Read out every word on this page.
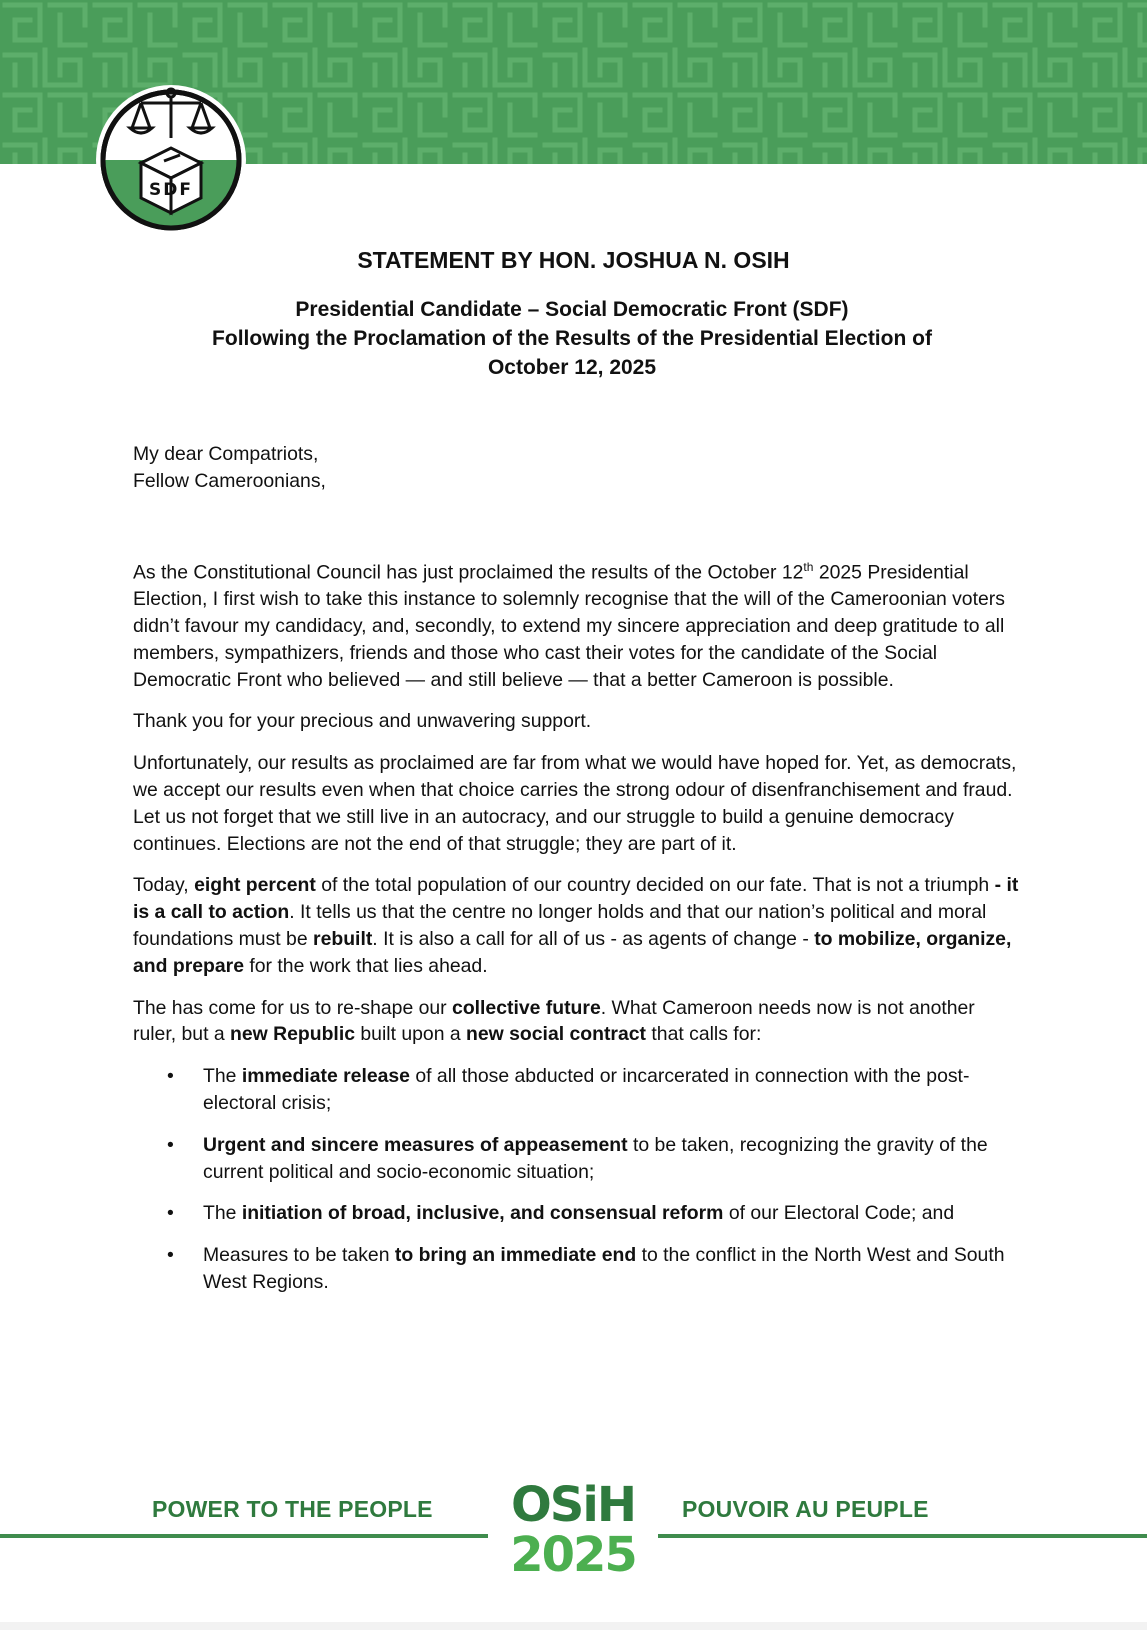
SDF
STATEMENT BY HON. JOSHUA N. OSIH
Presidential Candidate – Social Democratic Front (SDF)
Following the Proclamation of the Results of the Presidential Election of
October 12, 2025
My dear Compatriots,
Fellow Cameroonians,

As the Constitutional Council has just proclaimed the results of the October 12th 2025 Presidential Election, I first wish to take this instance to solemnly recognise that the will of the Cameroonian voters didn’t favour my candidacy, and, secondly, to extend my sincere appreciation and deep gratitude to all members, sympathizers, friends and those who cast their votes for the candidate of the Social Democratic Front who believed — and still believe — that a better Cameroon is possible.

Thank you for your precious and unwavering support.

Unfortunately, our results as proclaimed are far from what we would have hoped for. Yet, as democrats, we accept our results even when that choice carries the strong odour of disenfranchisement and fraud. Let us not forget that we still live in an autocracy, and our struggle to build a genuine democracy continues. Elections are not the end of that struggle; they are part of it.

Today, eight percent of the total population of our country decided on our fate. That is not a triumph - it is a call to action. It tells us that the centre no longer holds and that our nation’s political and moral foundations must be rebuilt. It is also a call for all of us - as agents of change - to mobilize, organize, and prepare for the work that lies ahead.

The has come for us to re-shape our collective future. What Cameroon needs now is not another ruler, but a new Republic built upon a new social contract that calls for:

• The immediate release of all those abducted or incarcerated in connection with the post-electoral crisis;
• Urgent and sincere measures of appeasement to be taken, recognizing the gravity of the current political and socio-economic situation;
• The initiation of broad, inclusive, and consensual reform of our Electoral Code; and
• Measures to be taken to bring an immediate end to the conflict in the North West and South West Regions.
POWER TO THE PEOPLE	POUVOIR AU PEUPLE
OSiH
2025
